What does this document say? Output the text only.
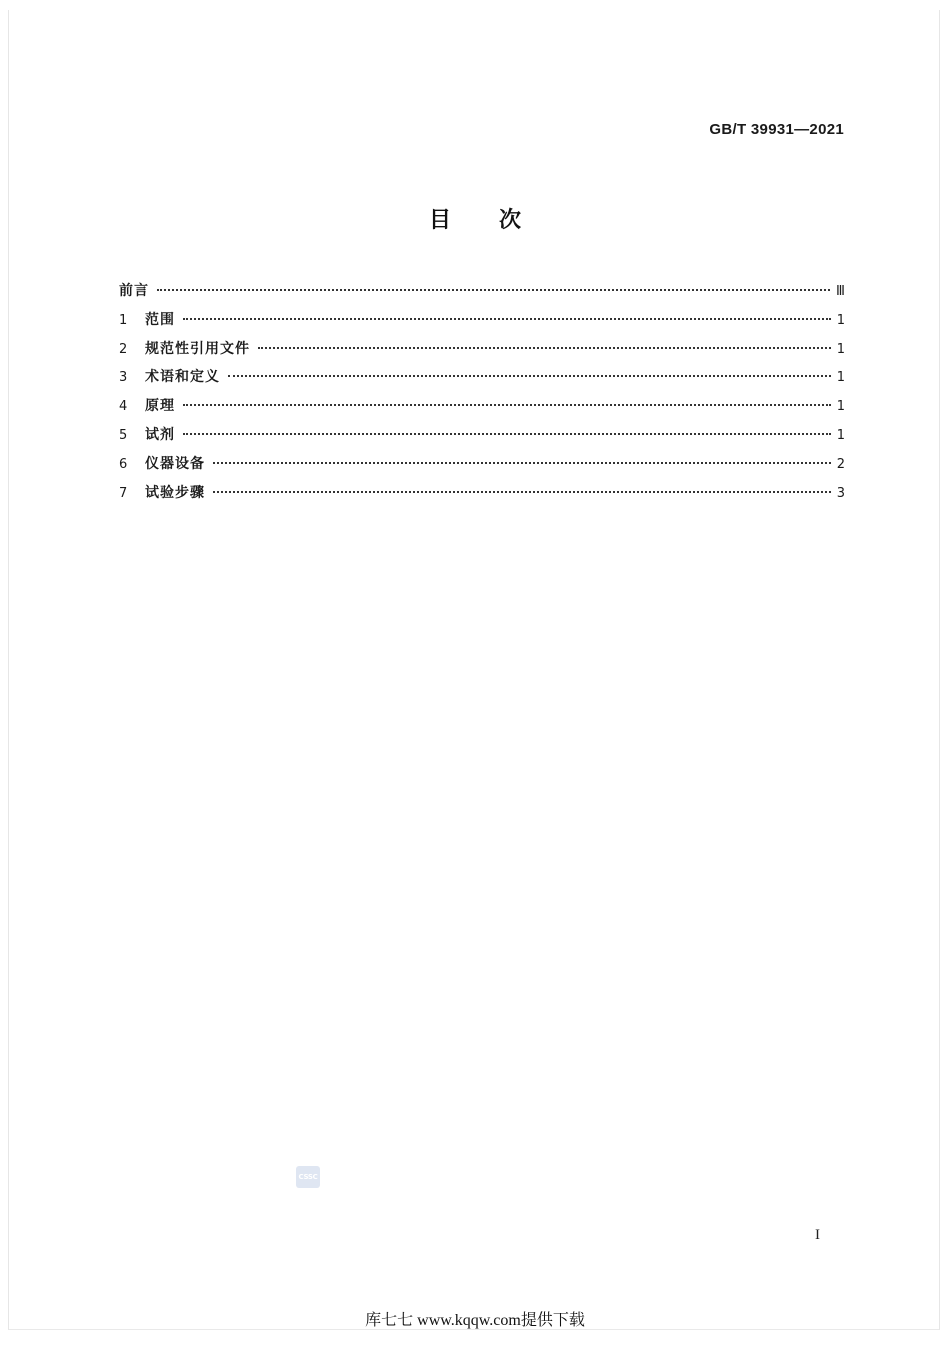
GB/T 39931—2021
目次
前言	Ⅲ
1	范围	1
2	规范性引用文件	1
3	术语和定义	1
4	原理	1
5	试剂	1
6	仪器设备	2
7	试验步骤	3
CSSC
I
库七七 www.kqqw.com提供下载
